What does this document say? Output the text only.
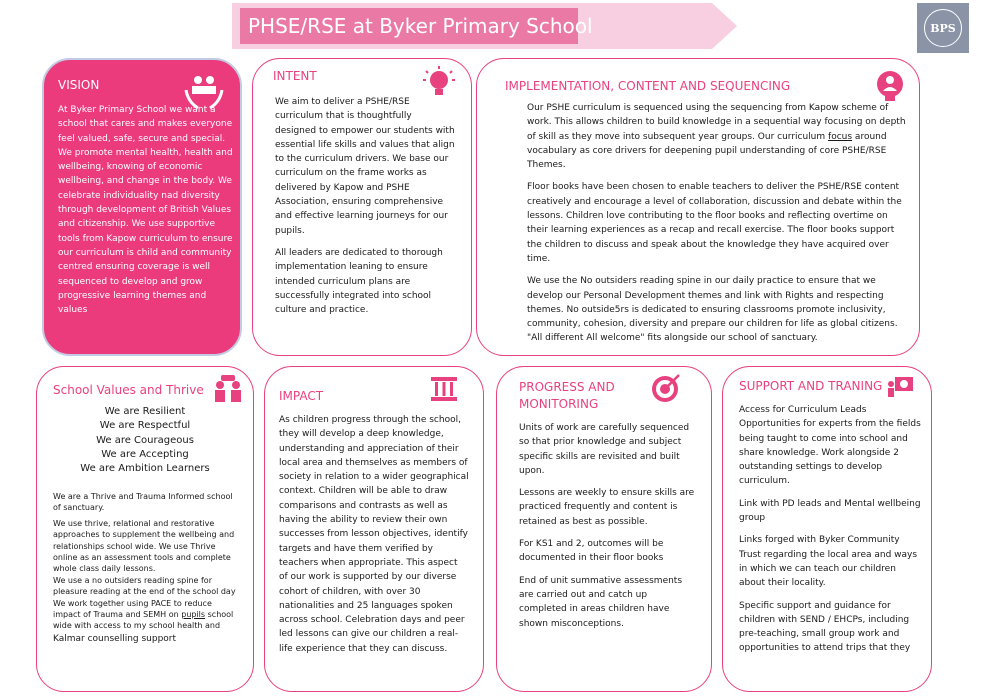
PHSE/RSE at Byker Primary School	BPS
VISION
At Byker Primary School we want a school that cares and makes everyone feel valued, safe, secure and special. We promote mental health, health and wellbeing, knowing of economic wellbeing, and change in the body. We celebrate individuality nad diversity through development of British Values and citizenship. We use supportive tools from Kapow curriculum to ensure our curriculum is child and community centred ensuring coverage is well sequenced to develop and grow progressive learning themes and values
INTENT

We aim to deliver a PSHE/RSE curriculum that is thoughtfully designed to empower our students with essential life skills and values that align to the curriculum drivers. We base our curriculum on the frame works as delivered by Kapow and PSHE Association, ensuring comprehensive and effective learning journeys for our pupils.

All leaders are dedicated to thorough implementation leaning to ensure intended curriculum plans are successfully integrated into school culture and practice.

IMPLEMENTATION, CONTENT AND SEQUENCING

Our PSHE curriculum is sequenced using the sequencing from Kapow scheme of work. This allows children to build knowledge in a sequential way focusing on depth of skill as they move into subsequent year groups. Our curriculum focus around vocabulary as core drivers for deepening pupil understanding of core PSHE/RSE Themes.

Floor books have been chosen to enable teachers to deliver the PSHE/RSE content creatively and encourage a level of collaboration, discussion and debate within the lessons. Children love contributing to the floor books and reflecting overtime on their learning experiences as a recap and recall exercise. The floor books support the children to discuss and speak about the knowledge they have acquired over time.

We use the No outsiders reading spine in our daily practice to ensure that we develop our Personal Development themes and link with Rights and respecting themes. No outside5rs is dedicated to ensuring classrooms promote inclusivity, community, cohesion, diversity and prepare our children for life as global citizens. "All different All welcome" fits alongside our school of sanctuary.

School Values and Thrive
We are Resilient
We are Respectful
We are Courageous
We are Accepting
We are Ambition Learners
We are a Thrive and Trauma Informed school of sanctuary.
We use thrive, relational and restorative approaches to supplement the wellbeing and relationships school wide. We use Thrive online as an assessment tools and complete whole class daily lessons.
We use a no outsiders reading spine for pleasure reading at the end of the school day
We work together using PACE to reduce impact of Trauma and SEMH on pupils school wide with access to my school health and
Kalmar counselling support
IMPACT
As children progress through the school, they will develop a deep knowledge, understanding and appreciation of their local area and themselves as members of society in relation to a wider geographical context. Children will be able to draw comparisons and contrasts as well as having the ability to review their own successes from lesson objectives, identify targets and have them verified by teachers when appropriate. This aspect of our work is supported by our diverse cohort of children, with over 30 nationalities and 25 languages spoken across school. Celebration days and peer led lessons can give our children a real-life experience that they can discuss.
PROGRESS AND MONITORING

Units of work are carefully sequenced so that prior knowledge and subject specific skills are revisited and built upon.

Lessons are weekly to ensure skills are practiced frequently and content is retained as best as possible.

For KS1 and 2, outcomes will be documented in their floor books

End of unit summative assessments are carried out and catch up completed in areas children have shown misconceptions.

SUPPORT AND TRANING

Access for Curriculum Leads Opportunities for experts from the fields being taught to come into school and share knowledge. Work alongside 2 outstanding settings to develop curriculum.

Link with PD leads and Mental wellbeing group

Links forged with Byker Community Trust regarding the local area and ways in which we can teach our children about their locality.

Specific support and guidance for children with SEND / EHCPs, including pre-teaching, small group work and opportunities to attend trips that they
